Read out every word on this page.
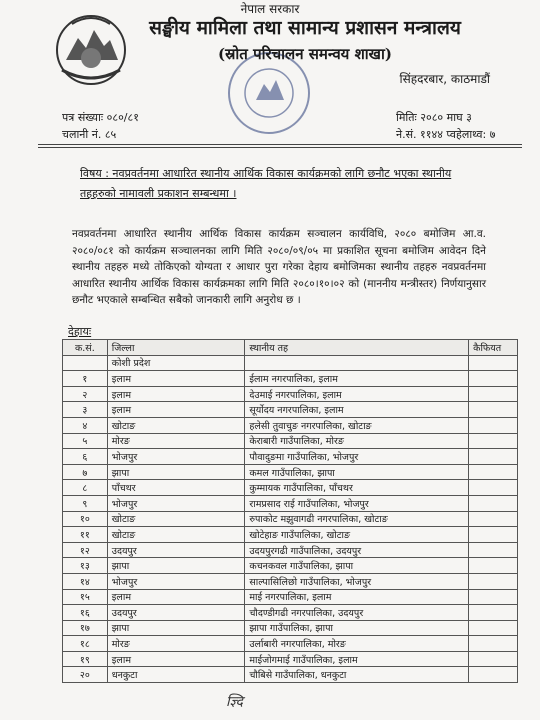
नेपाल सरकार
सङ्घीय मामिला तथा सामान्य प्रशासन मन्त्रालय
(स्रोत परिचालन समन्वय शाखा)
सिंहदरबार, काठमाडौं
पत्र संख्याः ०८०/८१
चलानी नं. ८५
मितिः २०८० माघ ३
ने.सं. ११४४ प्वहेलाथ्व: ७
विषय : नवप्रवर्तनमा आधारित स्थानीय आर्थिक विकास कार्यक्रमको लागि छनौट भएका स्थानीय तहहरुको नामावली प्रकाशन सम्बन्धमा ।
नवप्रवर्तनमा आधारित स्थानीय आर्थिक विकास कार्यक्रम सञ्चालन कार्यविधि, २०८० बमोजिम आ.व. २०८०/०८१ को कार्यक्रम सञ्चालनका लागि मिति २०८०/०९/०५ मा प्रकाशित सूचना बमोजिम आवेदन दिने स्थानीय तहहरु मध्ये तोकिएको योग्यता र आधार पुरा गरेका देहाय बमोजिमका स्थानीय तहहरु नवप्रवर्तनमा आधारित स्थानीय आर्थिक विकास कार्यक्रमका लागि मिति २०८०।१०।०२ को (माननीय मन्त्रीस्तर) निर्णयानुसार छनौट भएकाले सम्बन्धित सबैको जानकारी लागि अनुरोध छ ।
देहायः
क.सं.	जिल्ला	स्थानीय तह	कैफियत
	कोशी प्रदेश		
१	इलाम	ईलाम नगरपालिका, इलाम	
२	इलाम	देउमाई नगरपालिका, इलाम	
३	इलाम	सूर्योदय नगरपालिका, इलाम	
४	खोटाङ	हलेसी तुवाचुङ नगरपालिका, खोटाङ	
५	मोरङ	केराबारी गाउँपालिका, मोरङ	
६	भोजपुर	पौवादुङमा गाउँपालिका, भोजपुर	
७	झापा	कमल गाउँपालिका, झापा	
८	पाँचथर	कुम्मायक गाउँपालिका, पाँचथर	
९	भोजपुर	रामप्रसाद राई गाउँपालिका, भोजपुर	
१०	खोटाङ	रुपाकोट मझुवागढी नगरपालिका, खोटाङ	
११	खोटाङ	खोटेहाङ गाउँपालिका, खोटाङ	
१२	उदयपुर	उदयपुरगढी गाउँपालिका, उदयपुर	
१३	झापा	कचनकवल गाउँपालिका, झापा	
१४	भोजपुर	साल्पासिलिछो गाउँपालिका, भोजपुर	
१५	इलाम	माई नगरपालिका, इलाम	
१६	उदयपुर	चौदण्डीगढी नगरपालिका, उदयपुर	
१७	झापा	झापा गाउँपालिका, झापा	
१८	मोरङ	उर्लाबारी नगरपालिका, मोरङ	
१९	इलाम	माईजोगमाई गाउँपालिका, इलाम	
२०	धनकुटा	चौबिसे गाउँपालिका, धनकुटा	
ज्ञ्दि
